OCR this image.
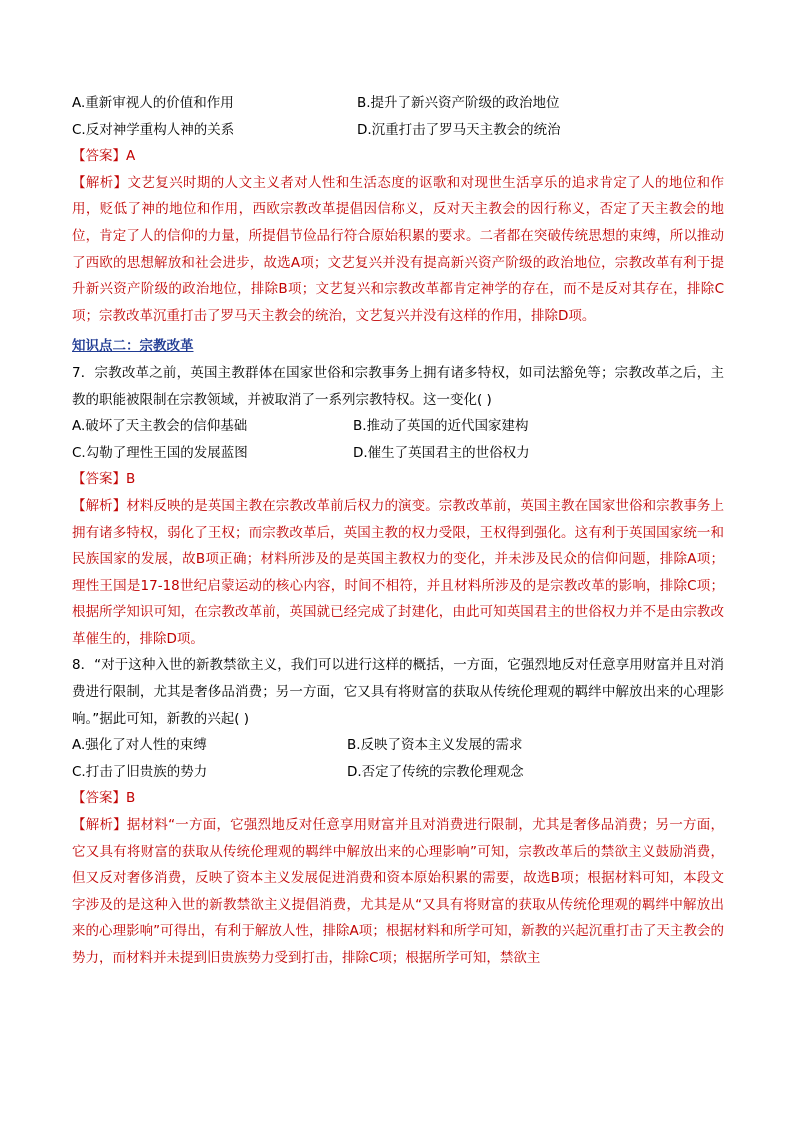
A.重新审视人的价值和作用	B.提升了新兴资产阶级的政治地位
C.反对神学重构人神的关系	D.沉重打击了罗马天主教会的统治
【答案】A
【解析】文艺复兴时期的人文主义者对人性和生活态度的讴歌和对现世生活享乐的追求肯定了人的地位和作用，贬低了神的地位和作用，西欧宗教改革提倡因信称义，反对天主教会的因行称义，否定了天主教会的地位，肯定了人的信仰的力量，所提倡节俭品行符合原始积累的要求。二者都在突破传统思想的束缚，所以推动了西欧的思想解放和社会进步，故选A项；文艺复兴并没有提高新兴资产阶级的政治地位，宗教改革有利于提升新兴资产阶级的政治地位，排除B项；文艺复兴和宗教改革都肯定神学的存在，而不是反对其存在，排除C项；宗教改革沉重打击了罗马天主教会的统治，文艺复兴并没有这样的作用，排除D项。
知识点二：宗教改革
7．宗教改革之前，英国主教群体在国家世俗和宗教事务上拥有诸多特权，如司法豁免等；宗教改革之后，主教的职能被限制在宗教领域，并被取消了一系列宗教特权。这一变化( )
A.破坏了天主教会的信仰基础	B.推动了英国的近代国家建构
C.勾勒了理性王国的发展蓝图	D.催生了英国君主的世俗权力
【答案】B
【解析】材料反映的是英国主教在宗教改革前后权力的演变。宗教改革前，英国主教在国家世俗和宗教事务上拥有诸多特权，弱化了王权；而宗教改革后，英国主教的权力受限，王权得到强化。这有利于英国国家统一和民族国家的发展，故B项正确；材料所涉及的是英国主教权力的变化，并未涉及民众的信仰问题，排除A项；理性王国是17-18世纪启蒙运动的核心内容，时间不相符，并且材料所涉及的是宗教改革的影响，排除C项；根据所学知识可知，在宗教改革前，英国就已经完成了封建化，由此可知英国君主的世俗权力并不是由宗教改革催生的，排除D项。
8．“对于这种入世的新教禁欲主义，我们可以进行这样的概括，一方面，它强烈地反对任意享用财富并且对消费进行限制，尤其是奢侈品消费；另一方面，它又具有将财富的获取从传统伦理观的羁绊中解放出来的心理影响。”据此可知，新教的兴起( )
A.强化了对人性的束缚	B.反映了资本主义发展的需求
C.打击了旧贵族的势力	D.否定了传统的宗教伦理观念
【答案】B
【解析】据材料“一方面，它强烈地反对任意享用财富并且对消费进行限制，尤其是奢侈品消费；另一方面，它又具有将财富的获取从传统伦理观的羁绊中解放出来的心理影响”可知，宗教改革后的禁欲主义鼓励消费，但又反对奢侈消费，反映了资本主义发展促进消费和资本原始积累的需要，故选B项；根据材料可知，本段文字涉及的是这种入世的新教禁欲主义提倡消费，尤其是从“又具有将财富的获取从传统伦理观的羁绊中解放出来的心理影响”可得出，有利于解放人性，排除A项；根据材料和所学可知，新教的兴起沉重打击了天主教会的势力，而材料并未提到旧贵族势力受到打击，排除C项；根据所学可知，禁欲主
